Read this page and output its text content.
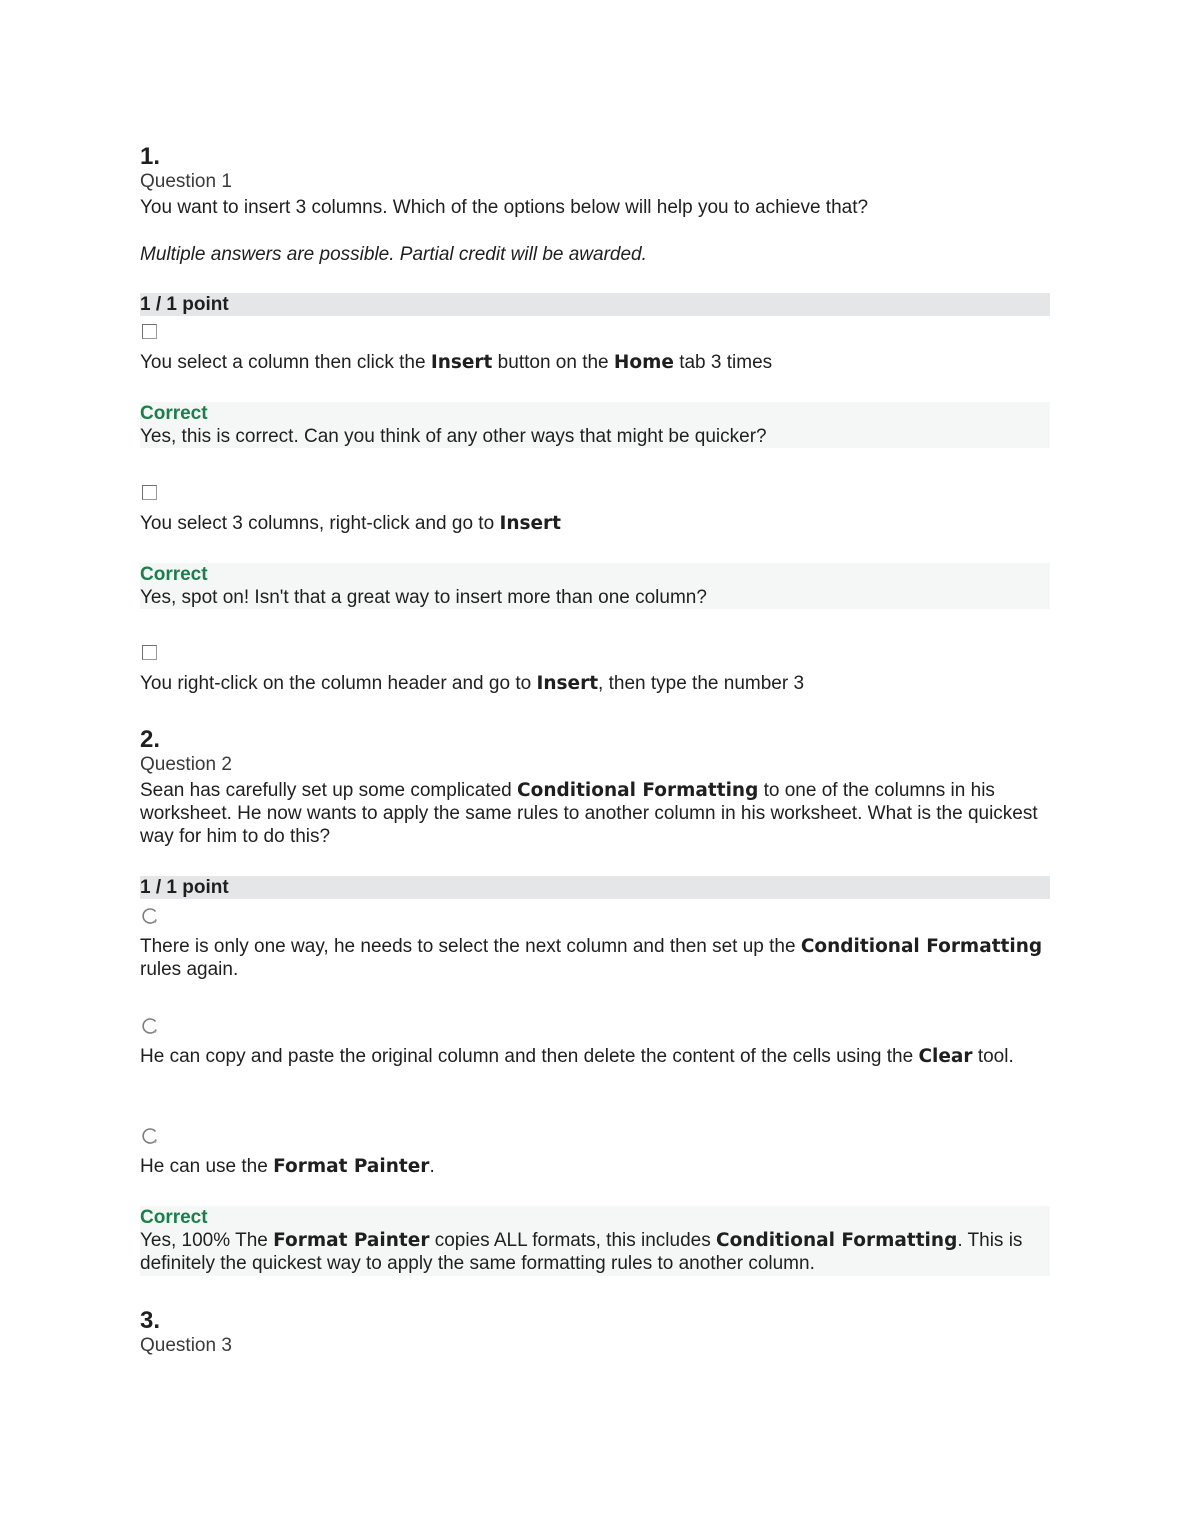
1.
Question 1
You want to insert 3 columns. Which of the options below will help you to achieve that?
Multiple answers are possible. Partial credit will be awarded.
1 / 1 point
You select a column then click the Insert button on the Home tab 3 times
Correct
Yes, this is correct. Can you think of any other ways that might be quicker?
You select 3 columns, right-click and go to Insert
Correct
Yes, spot on! Isn't that a great way to insert more than one column?
You right-click on the column header and go to Insert, then type the number 3
2.
Question 2
Sean has carefully set up some complicated Conditional Formatting to one of the columns in his worksheet. He now wants to apply the same rules to another column in his worksheet. What is the quickest way for him to do this?
1 / 1 point
There is only one way, he needs to select the next column and then set up the Conditional Formatting rules again.
He can copy and paste the original column and then delete the content of the cells using the Clear tool.
He can use the Format Painter.
Correct
Yes, 100% The Format Painter copies ALL formats, this includes Conditional Formatting. This is definitely the quickest way to apply the same formatting rules to another column.
3.
Question 3
